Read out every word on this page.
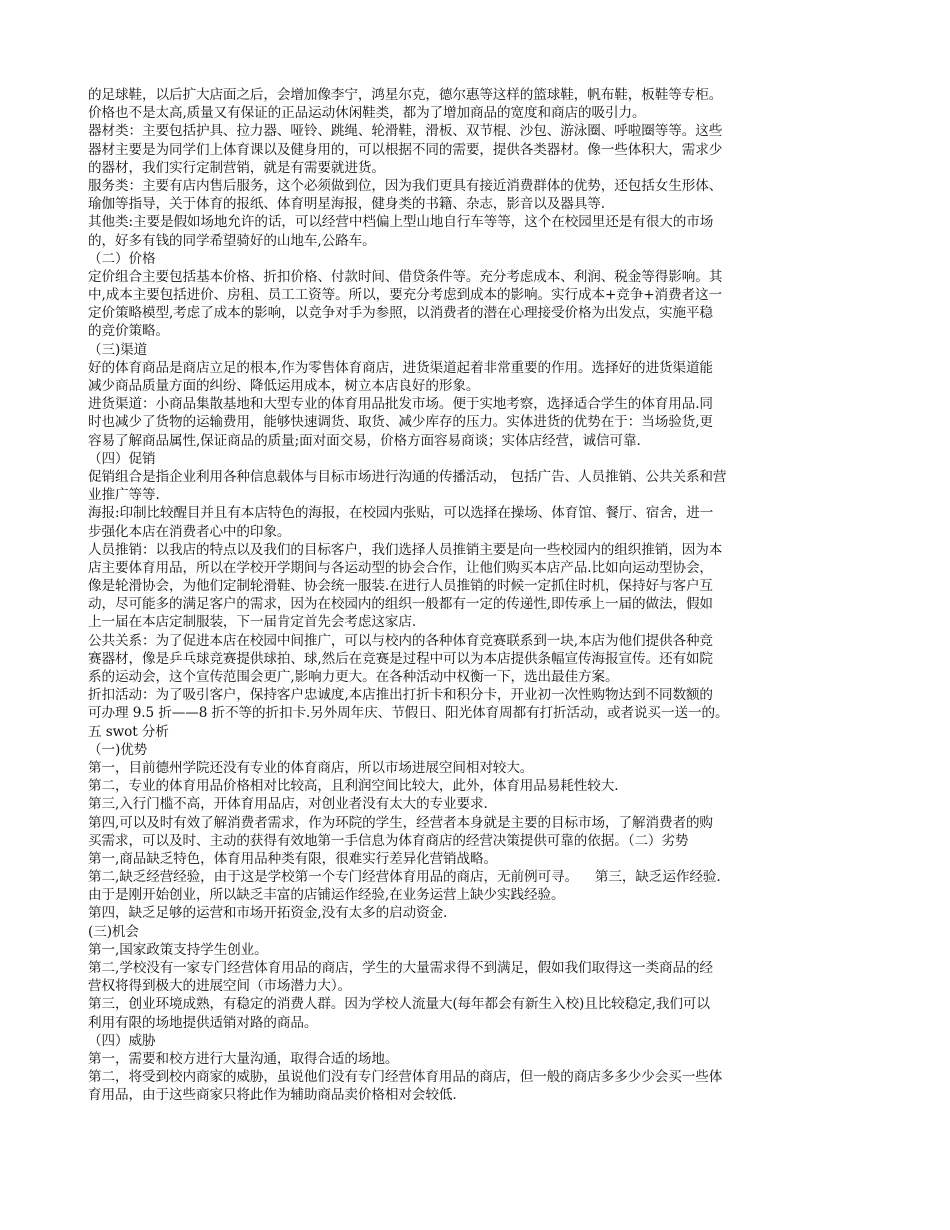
的足球鞋，以后扩大店面之后，会增加像李宁，鸿星尔克，德尔惠等这样的篮球鞋，帆布鞋，板鞋等专柜。
价格也不是太高,质量又有保证的正品运动休闲鞋类，都为了增加商品的宽度和商店的吸引力。
器材类：主要包括护具、拉力器、哑铃、跳绳、轮滑鞋，滑板、双节棍、沙包、游泳圈、呼啦圈等等。这些
器材主要是为同学们上体育课以及健身用的，可以根据不同的需要，提供各类器材。像一些体积大，需求少
的器材，我们实行定制营销，就是有需要就进货。
服务类：主要有店内售后服务，这个必须做到位，因为我们更具有接近消费群体的优势，还包括女生形体、
瑜伽等指导，关于体育的报纸、体育明星海报，健身类的书籍、杂志，影音以及器具等.
其他类:主要是假如场地允许的话，可以经营中档偏上型山地自行车等等，这个在校园里还是有很大的市场
的，好多有钱的同学希望骑好的山地车,公路车。
（二）价格
定价组合主要包括基本价格、折扣价格、付款时间、借贷条件等。充分考虑成本、利润、税金等得影响。其
中,成本主要包括进价、房租、员工工资等。所以，要充分考虑到成本的影响。实行成本+竞争+消费者这一
定价策略模型,考虑了成本的影响，以竞争对手为参照，以消费者的潜在心理接受价格为出发点，实施平稳
的竞价策略。
（三)渠道
好的体育商品是商店立足的根本,作为零售体育商店，进货渠道起着非常重要的作用。选择好的进货渠道能
减少商品质量方面的纠纷、降低运用成本，树立本店良好的形象。
进货渠道：小商品集散基地和大型专业的体育用品批发市场。便于实地考察，选择适合学生的体育用品.同
时也减少了货物的运输费用，能够快速调货、取货、减少库存的压力。实体进货的优势在于：当场验货,更
容易了解商品属性,保证商品的质量;面对面交易，价格方面容易商谈；实体店经营，诚信可靠.
（四）促销
促销组合是指企业利用各种信息载体与目标市场进行沟通的传播活动， 包括广告、人员推销、公共关系和营
业推广等等.
海报:印制比较醒目并且有本店特色的海报，在校园内张贴，可以选择在操场、体育馆、餐厅、宿舍，进一
步强化本店在消费者心中的印象。
人员推销：以我店的特点以及我们的目标客户，我们选择人员推销主要是向一些校园内的组织推销，因为本
店主要体育用品，所以在学校开学期间与各运动型的协会合作，让他们购买本店产品.比如向运动型协会，
像是轮滑协会，为他们定制轮滑鞋、协会统一服装.在进行人员推销的时候一定抓住时机，保持好与客户互
动，尽可能多的满足客户的需求，因为在校园内的组织一般都有一定的传递性,即传承上一届的做法，假如
上一届在本店定制服装，下一届肯定首先会考虑这家店.
公共关系：为了促进本店在校园中间推广，可以与校内的各种体育竞赛联系到一块,本店为他们提供各种竞
赛器材，像是乒乓球竞赛提供球拍、球,然后在竞赛是过程中可以为本店提供条幅宣传海报宣传。还有如院
系的运动会，这个宣传范围会更广,影响力更大。在各种活动中权衡一下，选出最佳方案。
折扣活动：为了吸引客户，保持客户忠诚度,本店推出打折卡和积分卡，开业初一次性购物达到不同数额的
可办理 9.5 折——8 折不等的折扣卡.另外周年庆、节假日、阳光体育周都有打折活动，或者说买一送一的。
五 swot 分析
（一)优势
第一，目前德州学院还没有专业的体育商店，所以市场进展空间相对较大。
第二，专业的体育用品价格相对比较高，且利润空间比较大，此外，体育用品易耗性较大.
第三,入行门槛不高，开体育用品店，对创业者没有太大的专业要求.
第四,可以及时有效了解消费者需求，作为环院的学生，经营者本身就是主要的目标市场，了解消费者的购
买需求，可以及时、主动的获得有效地第一手信息为体育商店的经营决策提供可靠的依据。（二）劣势
第一,商品缺乏特色，体育用品种类有限，很难实行差异化营销战略。
第二,缺乏经营经验，由于这是学校第一个专门经营体育用品的商店，无前例可寻。    第三，缺乏运作经验.
由于是刚开始创业，所以缺乏丰富的店铺运作经验,在业务运营上缺少实践经验。
第四，缺乏足够的运营和市场开拓资金,没有太多的启动资金.
(三)机会
第一,国家政策支持学生创业。
第二,学校没有一家专门经营体育用品的商店，学生的大量需求得不到满足，假如我们取得这一类商品的经
营权将得到极大的进展空间（市场潜力大）。
第三，创业环境成熟，有稳定的消费人群。因为学校人流量大(每年都会有新生入校)且比较稳定,我们可以
利用有限的场地提供适销对路的商品。
（四）威胁
第一，需要和校方进行大量沟通，取得合适的场地。
第二，将受到校内商家的威胁，虽说他们没有专门经营体育用品的商店，但一般的商店多多少少会买一些体
育用品，由于这些商家只将此作为辅助商品卖价格相对会较低.
